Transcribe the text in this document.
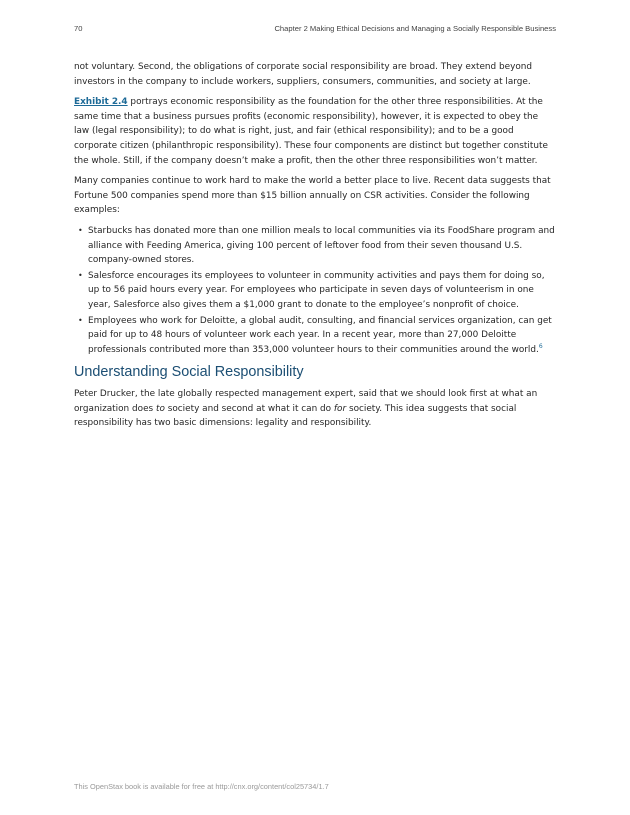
70	Chapter 2 Making Ethical Decisions and Managing a Socially Responsible Business

not voluntary. Second, the obligations of corporate social responsibility are broad. They extend beyond investors in the company to include workers, suppliers, consumers, communities, and society at large.

Exhibit 2.4 portrays economic responsibility as the foundation for the other three responsibilities. At the same time that a business pursues profits (economic responsibility), however, it is expected to obey the law (legal responsibility); to do what is right, just, and fair (ethical responsibility); and to be a good corporate citizen (philanthropic responsibility). These four components are distinct but together constitute the whole. Still, if the company doesn’t make a profit, then the other three responsibilities won’t matter.

Many companies continue to work hard to make the world a better place to live. Recent data suggests that Fortune 500 companies spend more than $15 billion annually on CSR activities. Consider the following examples:

• Starbucks has donated more than one million meals to local communities via its FoodShare program and alliance with Feeding America, giving 100 percent of leftover food from their seven thousand U.S. company-owned stores.
• Salesforce encourages its employees to volunteer in community activities and pays them for doing so, up to 56 paid hours every year. For employees who participate in seven days of volunteerism in one year, Salesforce also gives them a $1,000 grant to donate to the employee’s nonprofit of choice.
• Employees who work for Deloitte, a global audit, consulting, and financial services organization, can get paid for up to 48 hours of volunteer work each year. In a recent year, more than 27,000 Deloitte professionals contributed more than 353,000 volunteer hours to their communities around the world.$^6$
Understanding Social Responsibility

Peter Drucker, the late globally respected management expert, said that we should look first at what an organization does to society and second at what it can do for society. This idea suggests that social responsibility has two basic dimensions: legality and responsibility.

This OpenStax book is available for free at http://cnx.org/content/col25734/1.7
